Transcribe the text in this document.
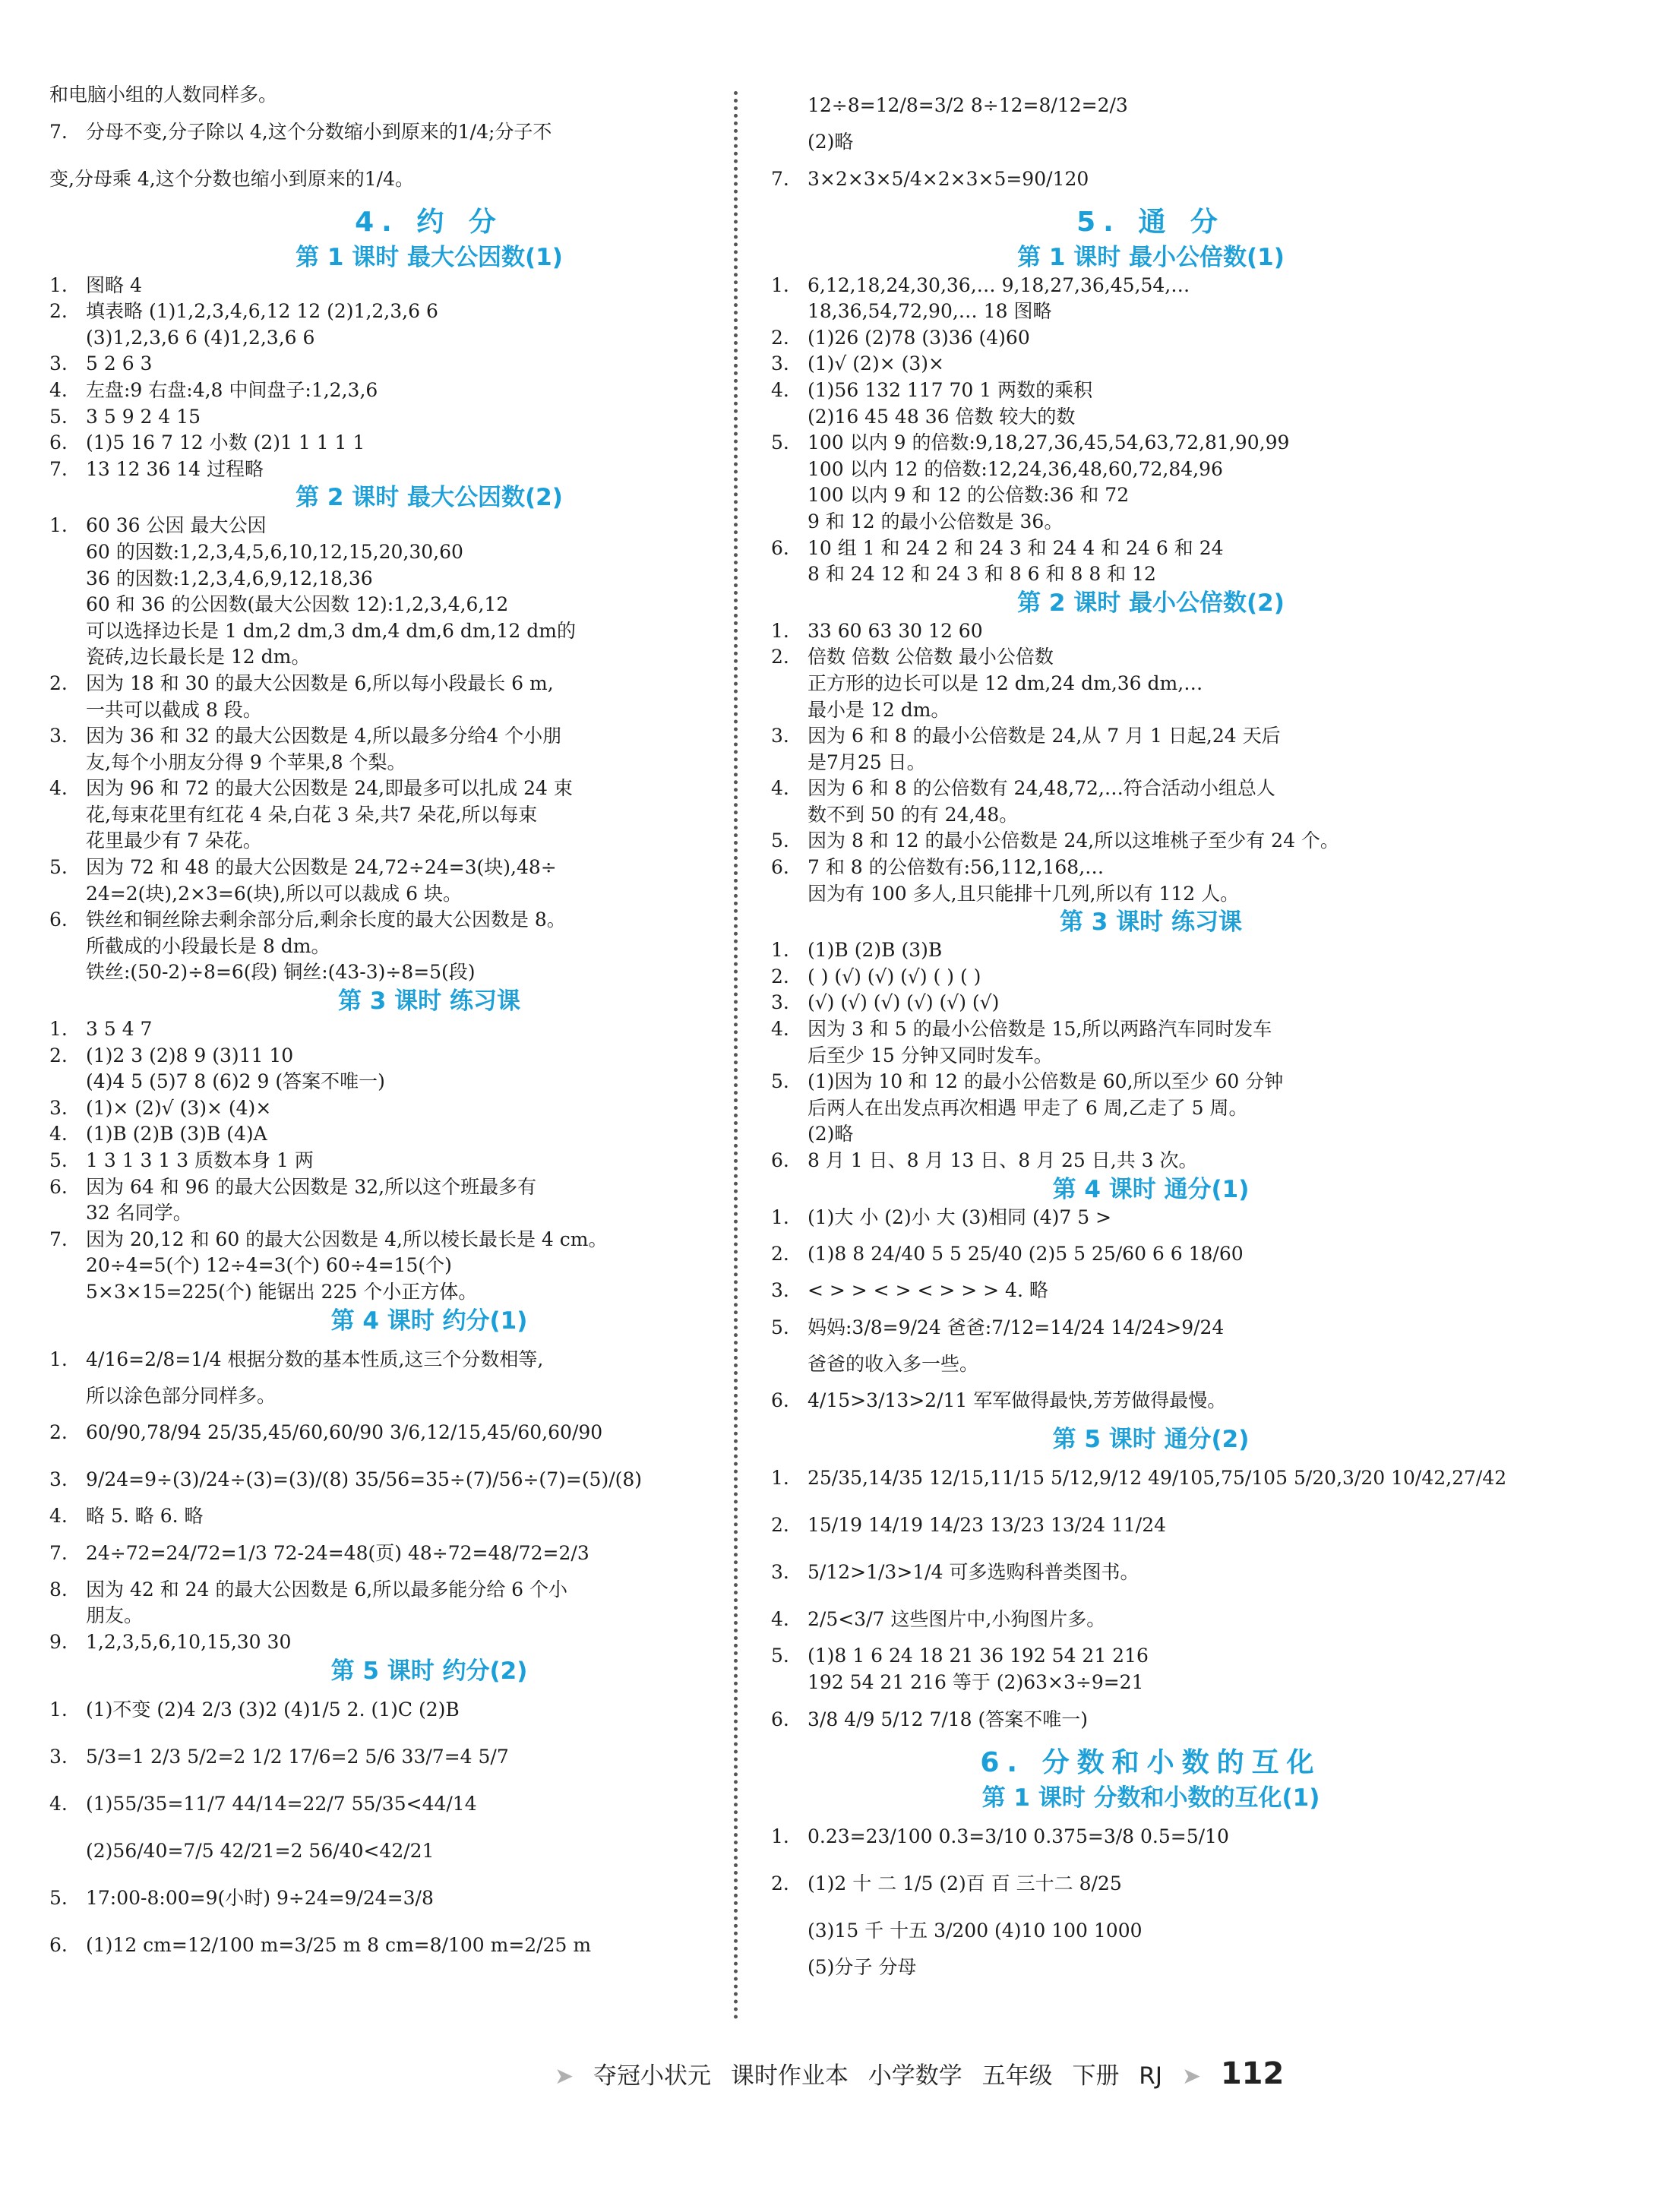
和电脑小组的人数同样多。
7. 分母不变,分子除以 4,这个分数缩小到原来的1/4;分子不
变,分母乘 4,这个分数也缩小到原来的1/4。
4. 约 分
第 1 课时 最大公因数(1)
1. 图略 4
2. 填表略 (1)1,2,3,4,6,12 12 (2)1,2,3,6 6
(3)1,2,3,6 6 (4)1,2,3,6 6
3. 5 2 6 3
4. 左盘:9 右盘:4,8 中间盘子:1,2,3,6
5. 3 5 9 2 4 15
6. (1)5 16 7 12 小数 (2)1 1 1 1 1
7. 13 12 36 14 过程略
第 2 课时 最大公因数(2)
1. 60 36 公因 最大公因
60 的因数:1,2,3,4,5,6,10,12,15,20,30,60
36 的因数:1,2,3,4,6,9,12,18,36
60 和 36 的公因数(最大公因数 12):1,2,3,4,6,12
可以选择边长是 1 dm,2 dm,3 dm,4 dm,6 dm,12 dm的
瓷砖,边长最长是 12 dm。
2. 因为 18 和 30 的最大公因数是 6,所以每小段最长 6 m,
一共可以截成 8 段。
3. 因为 36 和 32 的最大公因数是 4,所以最多分给4 个小朋
友,每个小朋友分得 9 个苹果,8 个梨。
4. 因为 96 和 72 的最大公因数是 24,即最多可以扎成 24 束
花,每束花里有红花 4 朵,白花 3 朵,共7 朵花,所以每束
花里最少有 7 朵花。
5. 因为 72 和 48 的最大公因数是 24,72÷24=3(块),48÷
24=2(块),2×3=6(块),所以可以裁成 6 块。
6. 铁丝和铜丝除去剩余部分后,剩余长度的最大公因数是 8。
所截成的小段最长是 8 dm。
铁丝:(50-2)÷8=6(段) 铜丝:(43-3)÷8=5(段)
第 3 课时 练习课
1. 3 5 4 7
2. (1)2 3 (2)8 9 (3)11 10
(4)4 5 (5)7 8 (6)2 9 (答案不唯一)
3. (1)× (2)√ (3)× (4)×
4. (1)B (2)B (3)B (4)A
5. 1 3 1 3 1 3 质数本身 1 两
6. 因为 64 和 96 的最大公因数是 32,所以这个班最多有
32 名同学。
7. 因为 20,12 和 60 的最大公因数是 4,所以棱长最长是 4 cm。
20÷4=5(个) 12÷4=3(个) 60÷4=15(个)
5×3×15=225(个) 能锯出 225 个小正方体。
第 4 课时 约分(1)
1. 4/16=2/8=1/4 根据分数的基本性质,这三个分数相等,
所以涂色部分同样多。
2. 60/90,78/94 25/35,45/60,60/90 3/6,12/15,45/60,60/90
3. 9/24=9÷(3)/24÷(3)=(3)/(8) 35/56=35÷(7)/56÷(7)=(5)/(8)
4. 略 5. 略 6. 略
7. 24÷72=24/72=1/3 72-24=48(页) 48÷72=48/72=2/3
8. 因为 42 和 24 的最大公因数是 6,所以最多能分给 6 个小
朋友。
9. 1,2,3,5,6,10,15,30 30
第 5 课时 约分(2)
1. (1)不变 (2)4 2/3 (3)2 (4)1/5 2. (1)C (2)B
3. 5/3=1 2/3 5/2=2 1/2 17/6=2 5/6 33/7=4 5/7
4. (1)55/35=11/7 44/14=22/7 55/35<44/14
(2)56/40=7/5 42/21=2 56/40<42/21
5. 17:00-8:00=9(小时) 9÷24=9/24=3/8
6. (1)12 cm=12/100 m=3/25 m 8 cm=8/100 m=2/25 m
12÷8=12/8=3/2 8÷12=8/12=2/3
(2)略
7. 3×2×3×5/4×2×3×5=90/120
5. 通 分
第 1 课时 最小公倍数(1)
1. 6,12,18,24,30,36,… 9,18,27,36,45,54,…
18,36,54,72,90,… 18 图略
2. (1)26 (2)78 (3)36 (4)60
3. (1)√ (2)× (3)×
4. (1)56 132 117 70 1 两数的乘积
(2)16 45 48 36 倍数 较大的数
5. 100 以内 9 的倍数:9,18,27,36,45,54,63,72,81,90,99
100 以内 12 的倍数:12,24,36,48,60,72,84,96
100 以内 9 和 12 的公倍数:36 和 72
9 和 12 的最小公倍数是 36。
6. 10 组 1 和 24 2 和 24 3 和 24 4 和 24 6 和 24
8 和 24 12 和 24 3 和 8 6 和 8 8 和 12
第 2 课时 最小公倍数(2)
1. 33 60 63 30 12 60
2. 倍数 倍数 公倍数 最小公倍数
正方形的边长可以是 12 dm,24 dm,36 dm,…
最小是 12 dm。
3. 因为 6 和 8 的最小公倍数是 24,从 7 月 1 日起,24 天后
是7月25 日。
4. 因为 6 和 8 的公倍数有 24,48,72,…符合活动小组总人
数不到 50 的有 24,48。
5. 因为 8 和 12 的最小公倍数是 24,所以这堆桃子至少有 24 个。
6. 7 和 8 的公倍数有:56,112,168,…
因为有 100 多人,且只能排十几列,所以有 112 人。
第 3 课时 练习课
1. (1)B (2)B (3)B
2. ( ) (√) (√) (√) ( ) ( )
3. (√) (√) (√) (√) (√) (√)
4. 因为 3 和 5 的最小公倍数是 15,所以两路汽车同时发车
后至少 15 分钟又同时发车。
5. (1)因为 10 和 12 的最小公倍数是 60,所以至少 60 分钟
后两人在出发点再次相遇 甲走了 6 周,乙走了 5 周。
(2)略
6. 8 月 1 日、8 月 13 日、8 月 25 日,共 3 次。
第 4 课时 通分(1)
1. (1)大 小 (2)小 大 (3)相同 (4)7 5 >
2. (1)8 8 24/40 5 5 25/40 (2)5 5 25/60 6 6 18/60
3. < > > < > < > > > 4. 略
5. 妈妈:3/8=9/24 爸爸:7/12=14/24 14/24>9/24
爸爸的收入多一些。
6. 4/15>3/13>2/11 军军做得最快,芳芳做得最慢。
第 5 课时 通分(2)
1. 25/35,14/35 12/15,11/15 5/12,9/12 49/105,75/105 5/20,3/20 10/42,27/42
2. 15/19 14/19 14/23 13/23 13/24 11/24
3. 5/12>1/3>1/4 可多选购科普类图书。
4. 2/5<3/7 这些图片中,小狗图片多。
5. (1)8 1 6 24 18 21 36 192 54 21 216
192 54 21 216 等于 (2)63×3÷9=21
6. 3/8 4/9 5/12 7/18 (答案不唯一)
6. 分数和小数的互化
第 1 课时 分数和小数的互化(1)
1. 0.23=23/100 0.3=3/10 0.375=3/8 0.5=5/10
2. (1)2 十 二 1/5 (2)百 百 三十二 8/25
(3)15 千 十五 3/200 (4)10 100 1000
(5)分子 分母
➤ 夺冠小状元 课时作业本 小学数学 五年级 下册 RJ ➤ 112
